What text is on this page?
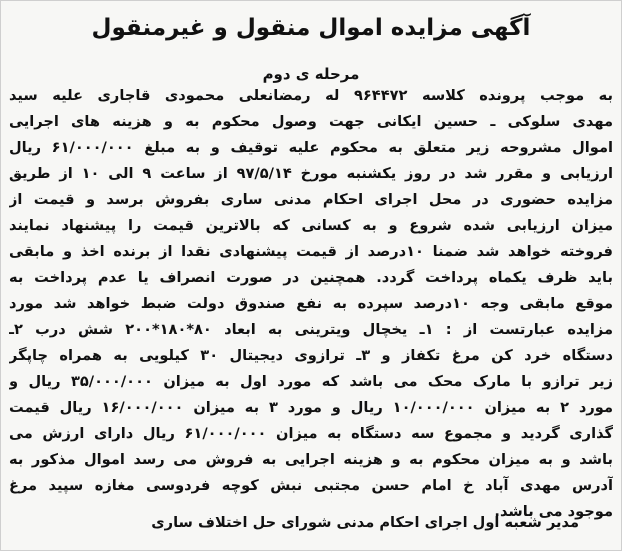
آگهی مزایده اموال منقول و غیرمنقول
مرحله ی دوم
به موجب پرونده کلاسه ۹۶۴۴۷۲ له رمضانعلی محمودی قاجاری علیه سید
مهدی سلوکی ـ حسین ایکانی جهت وصول محکوم به و هزینه های اجرایی
اموال مشروحه زیر متعلق به محکوم علیه توقیف و به مبلغ ۶۱/۰۰۰/۰۰۰ ریال
ارزیابی و مقرر شد در روز یکشنبه مورخ ۹۷/۵/۱۴ از ساعت ۹ الی ۱۰ از طریق
مزایده حضوری در محل اجرای احکام مدنی ساری بفروش برسد و قیمت از
میزان ارزیابی شده شروع و به کسانی که بالاترین قیمت را پیشنهاد نمایند
فروخته خواهد شد ضمنا ۱۰درصد از قیمت پیشنهادی نقدا از برنده اخذ و مابقی
باید ظرف یکماه پرداخت گردد. همچنین در صورت انصراف یا عدم پرداخت به
موقع مابقی وجه ۱۰درصد سپرده به نفع صندوق دولت ضبط خواهد شد مورد
مزایده عبارتست از : ۱ـ یخچال ویترینی به ابعاد ۸۰*۱۸۰*۲۰۰ شش درب ۲ـ
دستگاه خرد کن مرغ تکفاز و ۳ـ ترازوی دیجیتال ۳۰ کیلویی به همراه چاپگر
زیر ترازو با مارک محک می باشد که مورد اول به میزان ۳۵/۰۰۰/۰۰۰ ریال و
مورد ۲ به میزان ۱۰/۰۰۰/۰۰۰ ریال و مورد ۳ به میزان ۱۶/۰۰۰/۰۰۰ ریال قیمت
گذاری گردید و مجموع سه دستگاه به میزان ۶۱/۰۰۰/۰۰۰ ریال دارای ارزش می
باشد و به میزان محکوم به و هزینه اجرایی به فروش می رسد اموال مذکور به
آدرس مهدی آباد خ امام حسن مجتبی نبش کوچه فردوسی مغازه سپید مرغ
موجود می باشد.

مدیر شعبه اول اجرای احکام مدنی شورای حل اختلاف ساری
